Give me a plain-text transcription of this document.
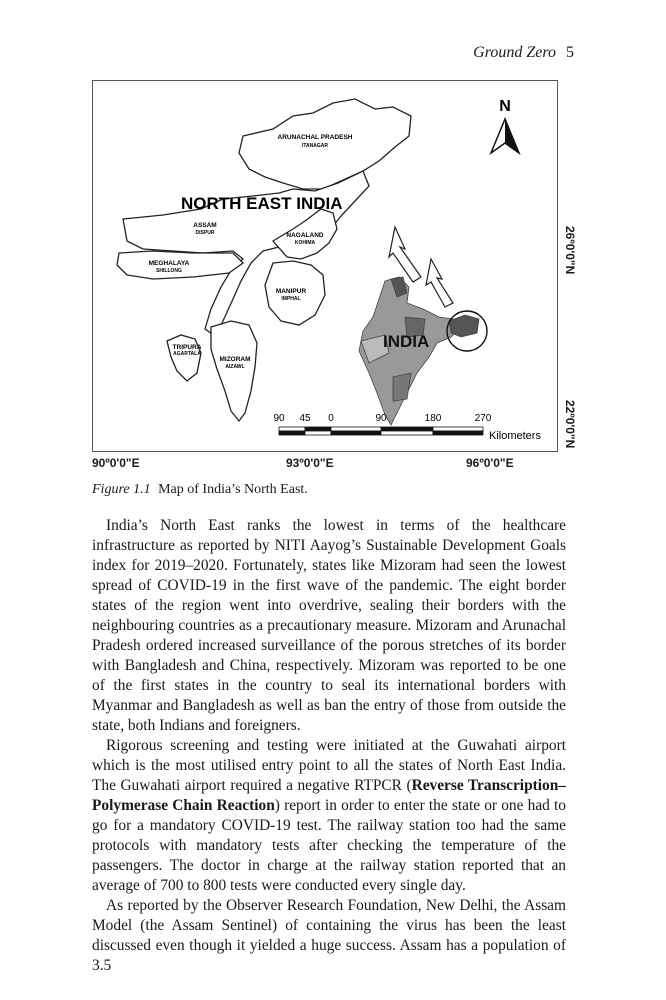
Ground Zero 5
N
NORTH EAST INDIA
ARUNACHAL PRADESH
ITANAGAR
ASSAM
DISPUR	NAGALAND
KOHIMA
MEGHALAYA
SHILLONG
MANIPUR
IMPHAL
TRIPURA
AGARTALA
MIZORAM
AIZAWL
INDIA
90 45 0	90	180	270
Kilometers
90º0'0"E	93º0'0"E	96º0'0"E
26º0'0"N
22º0'0"N
Figure 1.1 Map of India’s North East.

India’s North East ranks the lowest in terms of the healthcare infrastructure as reported by NITI Aayog’s Sustainable Development Goals index for 2019–2020. Fortunately, states like Mizoram had seen the lowest spread of COVID-19 in the first wave of the pandemic. The eight border states of the region went into overdrive, sealing their borders with the neighbouring countries as a precautionary measure. Mizoram and Arunachal Pradesh ordered increased surveillance of the porous stretches of its border with Bangladesh and China, respectively. Mizoram was reported to be one of the first states in the country to seal its international borders with Myanmar and Bangladesh as well as ban the entry of those from outside the state, both Indians and foreigners.

Rigorous screening and testing were initiated at the Guwahati airport which is the most utilised entry point to all the states of North East India. The Guwahati airport required a negative RTPCR (Reverse Transcription–Polymerase Chain Reaction) report in order to enter the state or one had to go for a mandatory COVID-19 test. The railway station too had the same protocols with mandatory tests after checking the temperature of the passengers. The doctor in charge at the railway station reported that an average of 700 to 800 tests were conducted every single day.

As reported by the Observer Research Foundation, New Delhi, the Assam Model (the Assam Sentinel) of containing the virus has been the least discussed even though it yielded a huge success. Assam has a population of 3.5
